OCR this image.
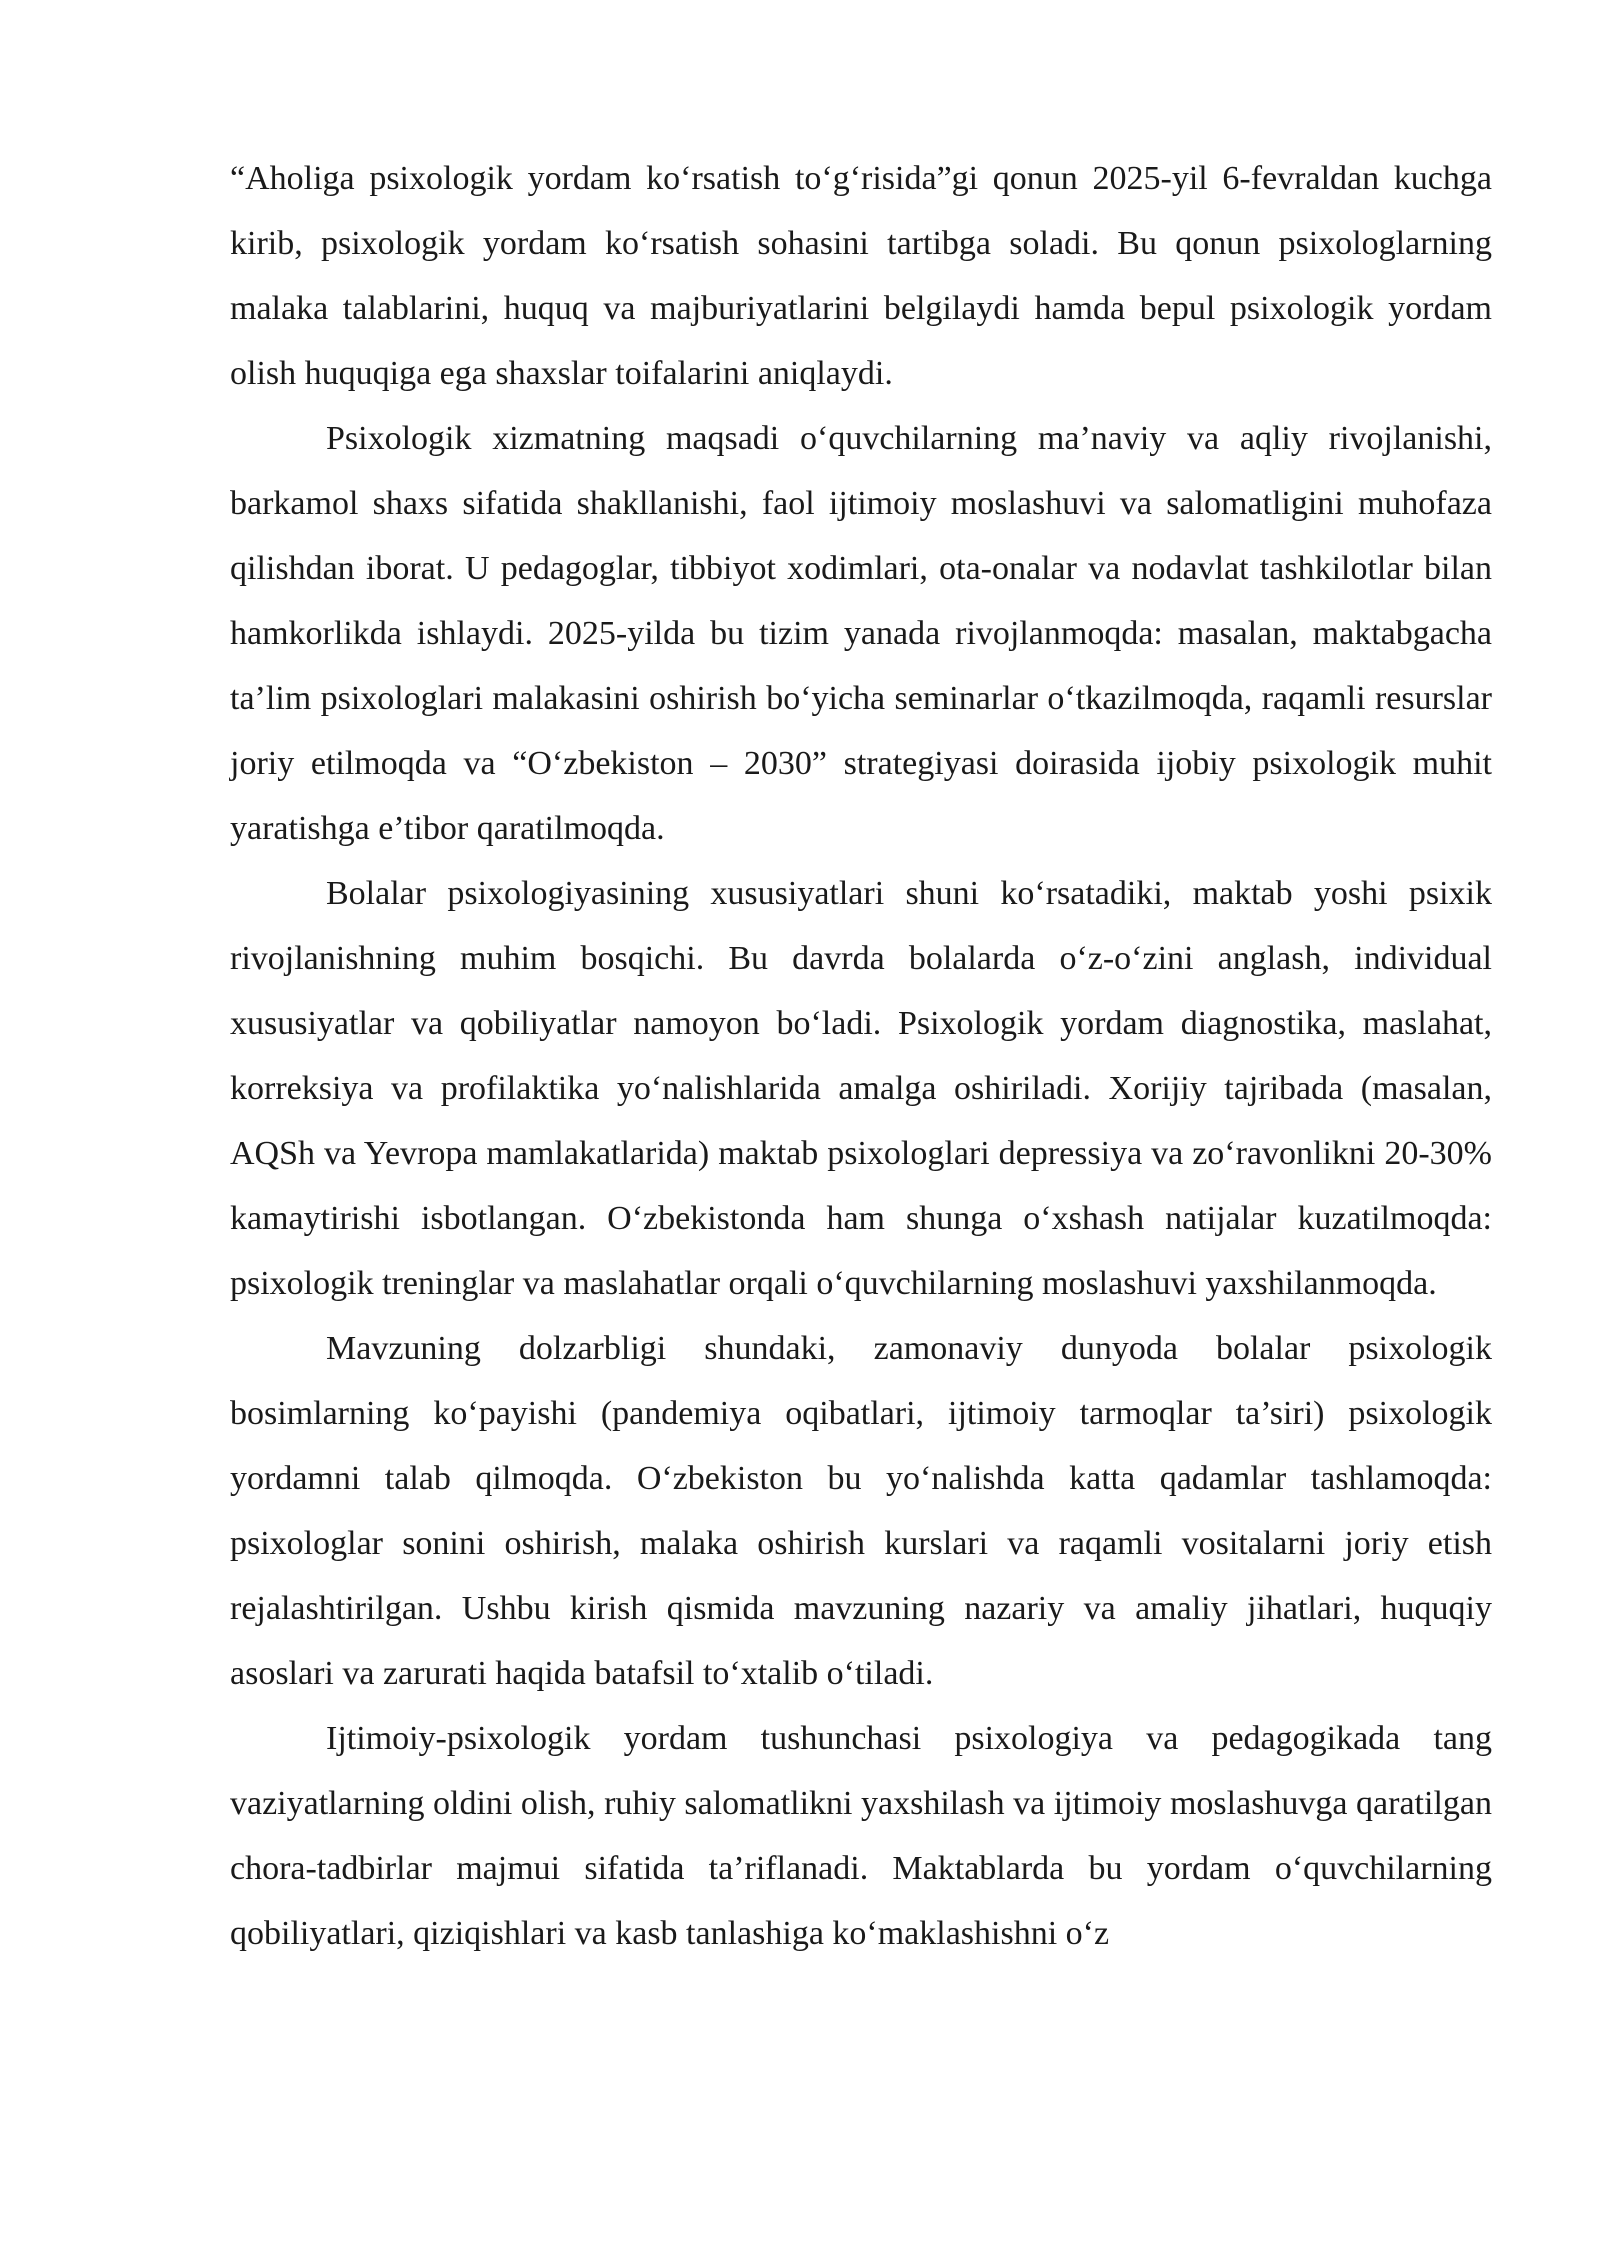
“Aholiga psixologik yordam ko‘rsatish to‘g‘risida”gi qonun 2025-yil 6-fevraldan kuchga kirib, psixologik yordam ko‘rsatish sohasini tartibga soladi. Bu qonun psixologlarning malaka talablarini, huquq va majburiyatlarini belgilaydi hamda bepul psixologik yordam olish huquqiga ega shaxslar toifalarini aniqlaydi.

Psixologik xizmatning maqsadi o‘quvchilarning ma’naviy va aqliy rivojlanishi, barkamol shaxs sifatida shakllanishi, faol ijtimoiy moslashuvi va salomatligini muhofaza qilishdan iborat. U pedagoglar, tibbiyot xodimlari, ota-onalar va nodavlat tashkilotlar bilan hamkorlikda ishlaydi. 2025-yilda bu tizim yanada rivojlanmoqda: masalan, maktabgacha ta’lim psixologlari malakasini oshirish bo‘yicha seminarlar o‘tkazilmoqda, raqamli resurslar joriy etilmoqda va “O‘zbekiston – 2030” strategiyasi doirasida ijobiy psixologik muhit yaratishga e’tibor qaratilmoqda.

Bolalar psixologiyasining xususiyatlari shuni ko‘rsatadiki, maktab yoshi psixik rivojlanishning muhim bosqichi. Bu davrda bolalarda o‘z-o‘zini anglash, individual xususiyatlar va qobiliyatlar namoyon bo‘ladi. Psixologik yordam diagnostika, maslahat, korreksiya va profilaktika yo‘nalishlarida amalga oshiriladi. Xorijiy tajribada (masalan, AQSh va Yevropa mamlakatlarida) maktab psixologlari depressiya va zo‘ravonlikni 20-30% kamaytirishi isbotlangan. O‘zbekistonda ham shunga o‘xshash natijalar kuzatilmoqda: psixologik treninglar va maslahatlar orqali o‘quvchilarning moslashuvi yaxshilanmoqda.

Mavzuning dolzarbligi shundaki, zamonaviy dunyoda bolalar psixologik bosimlarning ko‘payishi (pandemiya oqibatlari, ijtimoiy tarmoqlar ta’siri) psixologik yordamni talab qilmoqda. O‘zbekiston bu yo‘nalishda katta qadamlar tashlamoqda: psixologlar sonini oshirish, malaka oshirish kurslari va raqamli vositalarni joriy etish rejalashtirilgan. Ushbu kirish qismida mavzuning nazariy va amaliy jihatlari, huquqiy asoslari va zarurati haqida batafsil to‘xtalib o‘tiladi.

Ijtimoiy-psixologik yordam tushunchasi psixologiya va pedagogikada tang vaziyatlarning oldini olish, ruhiy salomatlikni yaxshilash va ijtimoiy moslashuvga qaratilgan chora-tadbirlar majmui sifatida ta’riflanadi. Maktablarda bu yordam o‘quvchilarning qobiliyatlari, qiziqishlari va kasb tanlashiga ko‘maklashishni o‘z
